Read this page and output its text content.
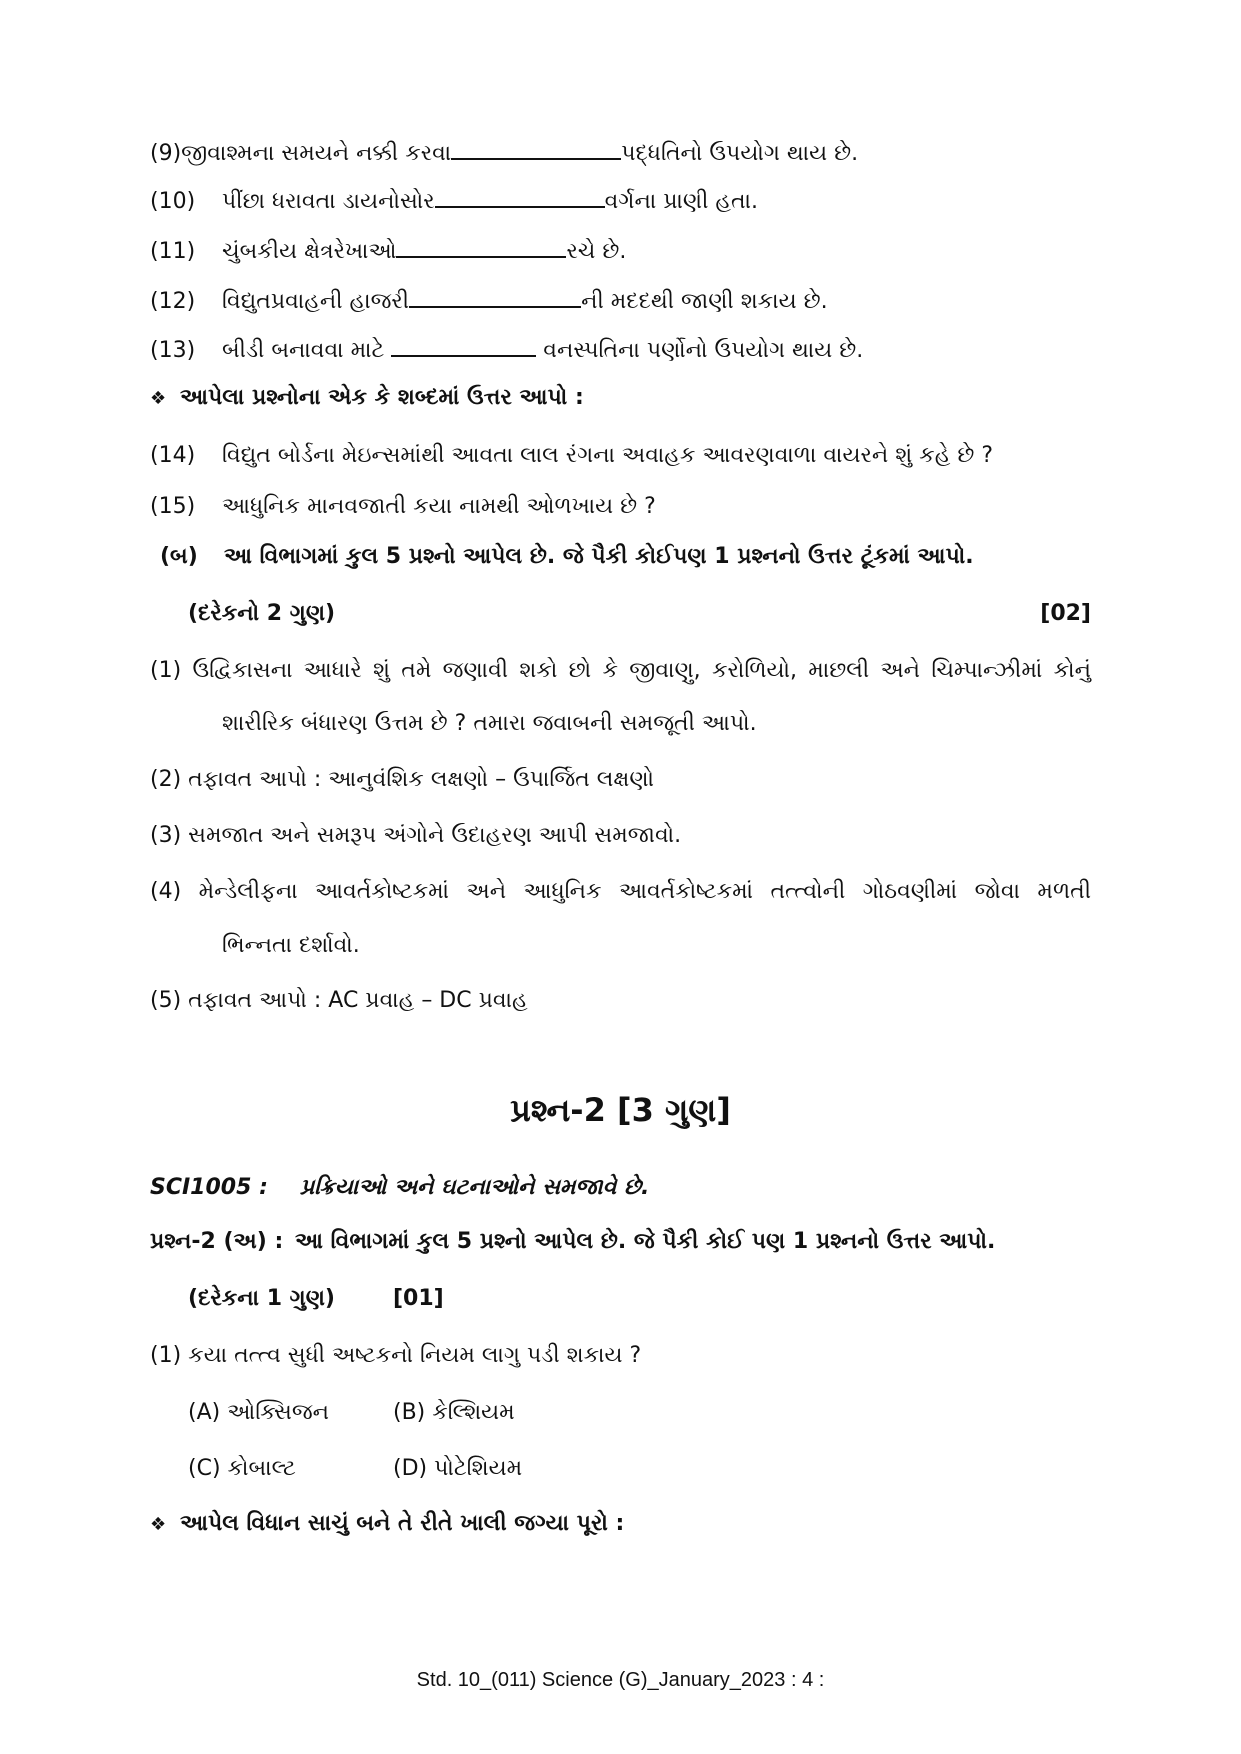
(9)જીવાશ્મના સમયને નક્કી કરવા	પદ્ધતિનો ઉપયોગ થાય છે.
(10) પીંછા ધરાવતા ડાયનોસોર	વર્ગના પ્રાણી હતા.
(11) ચુંબકીય ક્ષેત્રરેખાઓ	રચે છે.
(12) વિદ્યુતપ્રવાહની હાજરી	ની મદદથી જાણી શકાય છે.
(13) બીડી બનાવવા માટે	વનસ્પતિના પર્ણોનો ઉપયોગ થાય છે.
❖ આપેલા પ્રશ્નોના એક કે શબ્દમાં ઉત્તર આપો :
(14) વિદ્યુત બોર્ડના મેઇન્સમાંથી આવતા લાલ રંગના અવાહક આવરણવાળા વાયરને શું કહે છે ?
(15) આધુનિક માનવજાતી કયા નામથી ઓળખાય છે ?
(બ) આ વિભાગમાં કુલ 5 પ્રશ્નો આપેલ છે. જે પૈકી કોઈપણ 1 પ્રશ્નનો ઉત્તર ટૂંકમાં આપો.
(દરેકનો 2 ગુણ)	[02]
(1) ઉદ્વિકાસના આધારે શું તમે જણાવી શકો છો કે જીવાણુ, કરોળિયો, માછલી અને ચિમ્પાન્ઝીમાં કોનું
શારીરિક બંધારણ ઉત્તમ છે ? તમારા જવાબની સમજૂતી આપો.
(2) તફાવત આપો : આનુવંશિક લક્ષણો – ઉપાર્જિત લક્ષણો
(3) સમજાત અને સમરૂપ અંગોને ઉદાહરણ આપી સમજાવો.
(4) મેન્ડેલીફના આવર્તકોષ્ટકમાં અને આધુનિક આવર્તકોષ્ટકમાં તત્ત્વોની ગોઠવણીમાં જોવા મળતી
ભિન્નતા દર્શાવો.
(5) તફાવત આપો : AC પ્રવાહ – DC પ્રવાહ
પ્રશ્ન-2 [3 ગુણ]
SCI1005 : પ્રક્રિયાઓ અને ઘટનાઓને સમજાવે છે.
પ્રશ્ન-2 (અ) : આ વિભાગમાં કુલ 5 પ્રશ્નો આપેલ છે. જે પૈકી કોઈ પણ 1 પ્રશ્નનો ઉત્તર આપો.
(દરેકના 1 ગુણ)	[01]
(1) કયા તત્ત્વ સુધી અષ્ટકનો નિયમ લાગુ પડી શકાય ?
(A) ઓક્સિજન	(B) કેલ્શિયમ
(C) કોબાલ્ટ	(D) પોટેશિયમ
❖ આપેલ વિધાન સાચું બને તે રીતે ખાલી જગ્યા પૂરો :
Std. 10_(011) Science (G)_January_2023 : 4 :
